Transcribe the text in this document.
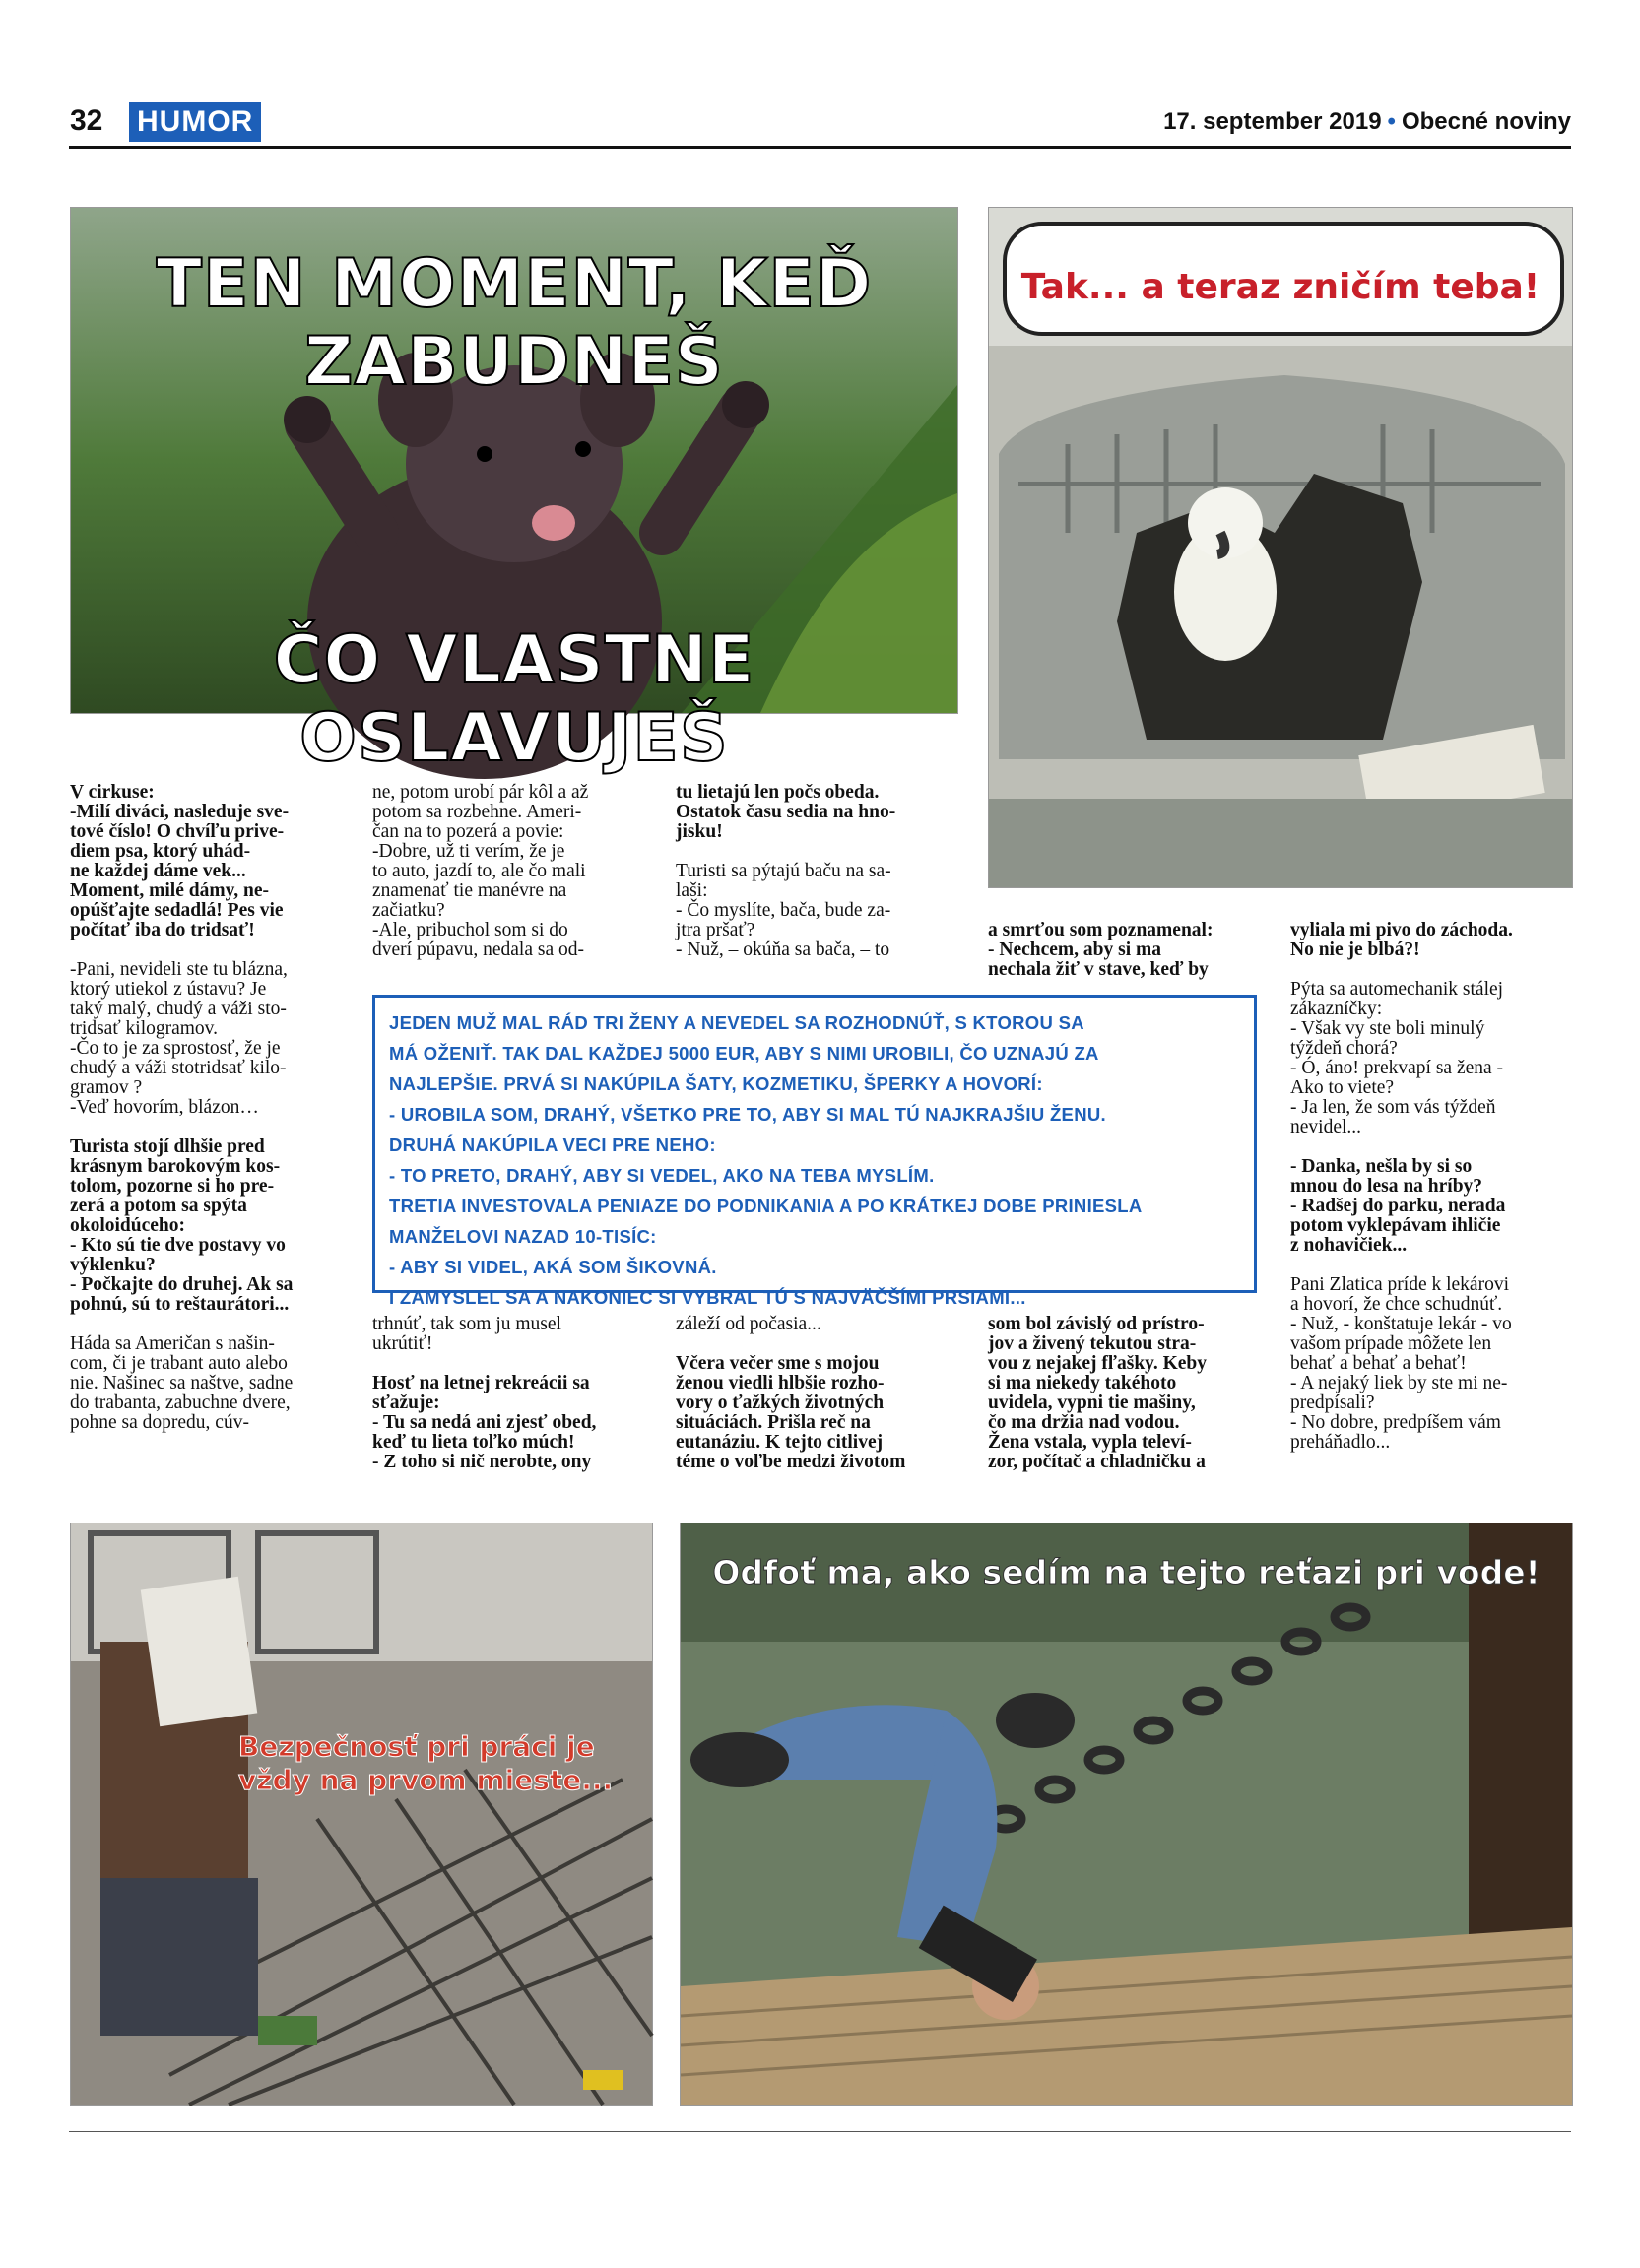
32 HUMOR	17. september 2019 • Obecné noviny
TEN MOMENT, KEĎ ZABUDNEŠ
ČO VLASTNE OSLAVUJEŠ
Tak... a teraz zničím teba!
V cirkuse:
-Milí diváci, nasleduje sve-
tové číslo! O chvíľu prive-
diem psa, ktorý uhád-
ne každej dáme vek...
Moment, milé dámy, ne-
opúšťajte sedadlá! Pes vie
počítať iba do tridsať!
-Pani, nevideli ste tu blázna,
ktorý utiekol z ústavu? Je
taký malý, chudý a váži sto-
tridsať kilogramov.
-Čo to je za sprostosť, že je
chudý a váži stotridsať kilo-
gramov ?
-Veď hovorím, blázon…
Turista stojí dlhšie pred
krásnym barokovým kos-
tolom, pozorne si ho pre-
zerá a potom sa spýta
okoloidúceho:
- Kto sú tie dve postavy vo
výklenku?
- Počkajte do druhej. Ak sa
pohnú, sú to reštaurátori...
Háda sa Američan s našin-
com, či je trabant auto alebo
nie. Našinec sa naštve, sadne
do trabanta, zabuchne dvere,
pohne sa dopredu, cúv-
ne, potom urobí pár kôl a až
potom sa rozbehne. Ameri-
čan na to pozerá a povie:
-Dobre, už ti verím, že je
to auto, jazdí to, ale čo mali
znamenať tie manévre na
začiatku?
-Ale, pribuchol som si do
dverí púpavu, nedala sa od-
tu lietajú len počs obeda.
Ostatok času sedia na hno-
jisku!
Turisti sa pýtajú baču na sa-
laši:
- Čo myslíte, bača, bude za-
jtra pršať?
- Nuž, – okúňa sa bača, – to
a smrťou som poznamenal:
- Nechcem, aby si ma
nechala žiť v stave, keď by
vyliala mi pivo do záchoda.
No nie je blbá?!
Pýta sa automechanik stálej
zákazníčky:
- Však vy ste boli minulý
týždeň chorá?
- Ó, áno! prekvapí sa žena -
Ako to viete?
- Ja len, že som vás týždeň
nevidel...
- Danka, nešla by si so
mnou do lesa na hríby?
- Radšej do parku, nerada
potom vyklepávam ihličie
z nohavičiek...
Pani Zlatica príde k lekárovi
a hovorí, že chce schudnúť.
- Nuž, - konštatuje lekár - vo
vašom prípade môžete len
behať a behať a behať!
- A nejaký liek by ste mi ne-
predpísali?
- No dobre, predpíšem vám
preháňadlo...
JEDEN MUŽ MAL RÁD TRI ŽENY A NEVEDEL SA ROZHODNÚŤ, S KTOROU SA
MÁ OŽENIŤ. TAK DAL KAŽDEJ 5000 EUR, ABY S NIMI UROBILI, ČO UZNAJÚ ZA
NAJLEPŠIE. PRVÁ SI NAKÚPILA ŠATY, KOZMETIKU, ŠPERKY A HOVORÍ:
- UROBILA SOM, DRAHÝ, VŠETKO PRE TO, ABY SI MAL TÚ NAJKRAJŠIU ŽENU.
DRUHÁ NAKÚPILA VECI PRE NEHO:
- TO PRETO, DRAHÝ, ABY SI VEDEL, AKO NA TEBA MYSLÍM.
TRETIA INVESTOVALA PENIAZE DO PODNIKANIA A PO KRÁTKEJ DOBE PRINIESLA
MANŽELOVI NAZAD 10-TISÍC:
- ABY SI VIDEL, AKÁ SOM ŠIKOVNÁ.
I ZAMYSLEL SA A NAKONIEC SI VYBRAL TÚ S NAJVÄČŠÍMI PRSIAMI...
trhnúť, tak som ju musel
ukrútiť!
Hosť na letnej rekreácii sa
sťažuje:
- Tu sa nedá ani zjesť obed,
keď tu lieta toľko múch!
- Z toho si nič nerobte, ony
záleží od počasia...
Včera večer sme s mojou
ženou viedli hlbšie rozho-
vory o ťažkých životných
situáciách. Prišla reč na
eutanáziu. K tejto citlivej
téme o voľbe medzi životom
som bol závislý od prístro-
jov a živený tekutou stra-
vou z nejakej fľašky. Keby
si ma niekedy takéhoto
uvidela, vypni tie mašiny,
čo ma držia nad vodou.
Žena vstala, vypla televí-
zor, počítač a chladničku a
Bezpečnosť pri práci je vždy na prvom mieste...
Odfoť ma, ako sedím na tejto reťazi pri vode!
